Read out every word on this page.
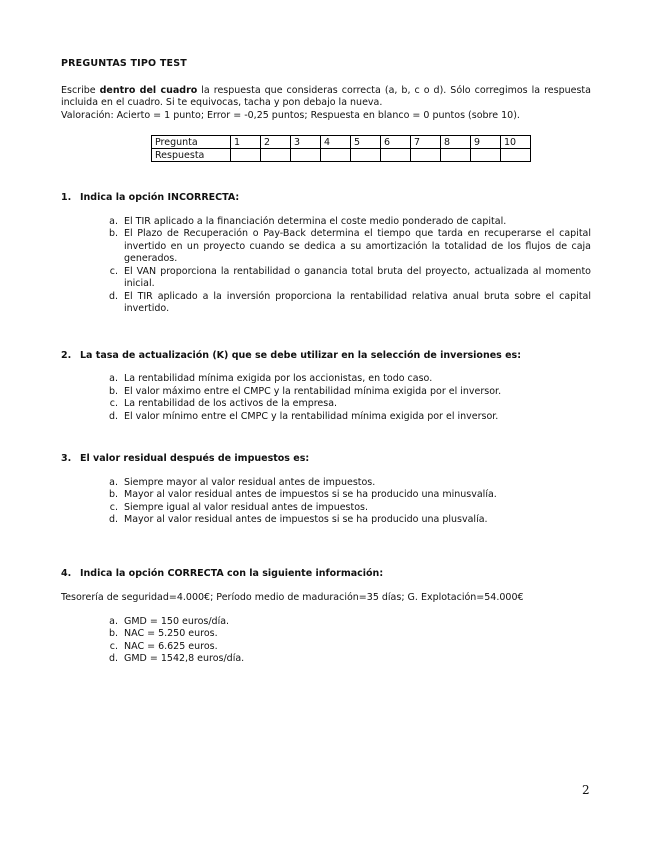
PREGUNTAS TIPO TEST

Escribe dentro del cuadro la respuesta que consideras correcta (a, b, c o d). Sólo corregimos la respuesta incluida en el cuadro. Si te equivocas, tacha y pon debajo la nueva.

Valoración: Acierto = 1 punto; Error = -0,25 puntos; Respuesta en blanco = 0 puntos (sobre 10).

Pregunta	1	2	3	4	5	6	7	8	9	10
Respuesta										
1. Indica la opción INCORRECTA:
a. El TIR aplicado a la financiación determina el coste medio ponderado de capital.
b. El Plazo de Recuperación o Pay-Back determina el tiempo que tarda en recuperarse el capital invertido en un proyecto cuando se dedica a su amortización la totalidad de los flujos de caja generados.
c. El VAN proporciona la rentabilidad o ganancia total bruta del proyecto, actualizada al momento inicial.
d. El TIR aplicado a la inversión proporciona la rentabilidad relativa anual bruta sobre el capital invertido.
2. La tasa de actualización (K) que se debe utilizar en la selección de inversiones es:
a. La rentabilidad mínima exigida por los accionistas, en todo caso.
b. El valor máximo entre el CMPC y la rentabilidad mínima exigida por el inversor.
c. La rentabilidad de los activos de la empresa.
d. El valor mínimo entre el CMPC y la rentabilidad mínima exigida por el inversor.
3. El valor residual después de impuestos es:
a. Siempre mayor al valor residual antes de impuestos.
b. Mayor al valor residual antes de impuestos si se ha producido una minusvalía.
c. Siempre igual al valor residual antes de impuestos.
d. Mayor al valor residual antes de impuestos si se ha producido una plusvalía.
4. Indica la opción CORRECTA con la siguiente información:

Tesorería de seguridad=4.000€; Período medio de maduración=35 días; G. Explotación=54.000€

a. GMD = 150 euros/día.
b. NAC = 5.250 euros.
c. NAC = 6.625 euros.
d. GMD = 1542,8 euros/día.
2
